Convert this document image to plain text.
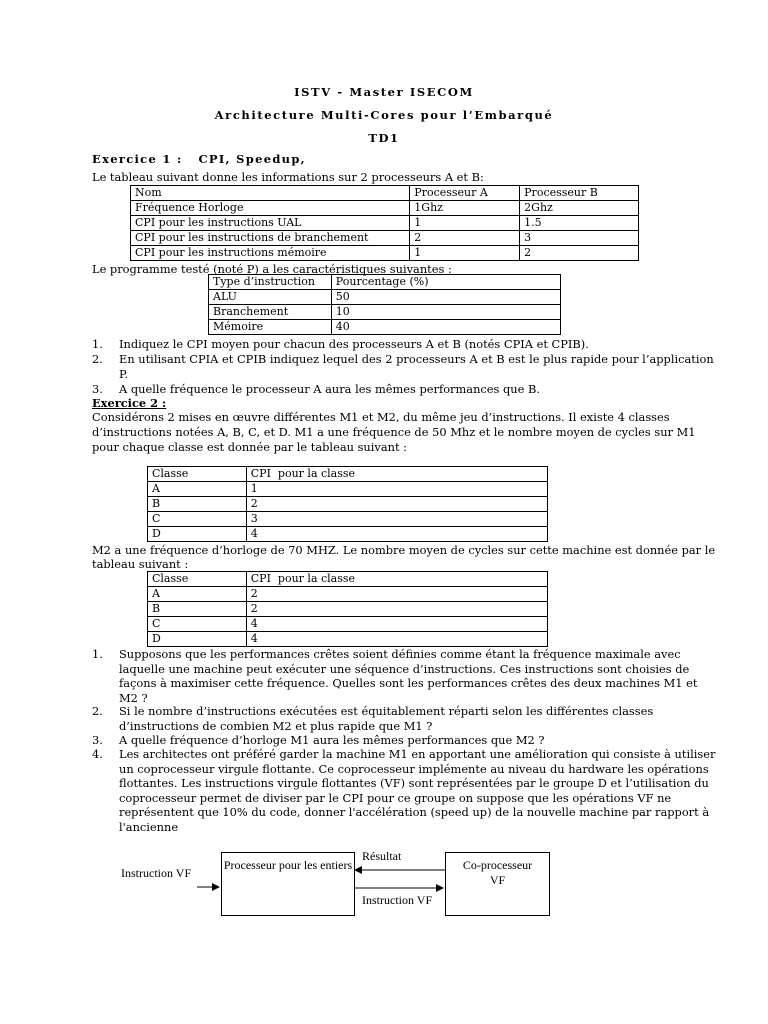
ISTV - Master ISECOM
Architecture Multi-Cores pour l’Embarqué
TD1
Exercice 1 :   CPI, Speedup,
Le tableau suivant donne les informations sur 2 processeurs A et B:
Nom	Processeur A	Processeur B
Fréquence Horloge	1Ghz	2Ghz
CPI pour les instructions UAL	1	1.5
CPI pour les instructions de branchement	2	3
CPI pour les instructions mémoire	1	2
Le programme testé (noté P) a les caractéristiques suivantes :
Type d’instruction	Pourcentage (%)
ALU	50
Branchement	10
Mémoire	40
1. Indiquez le CPI moyen pour chacun des processeurs A et B (notés CPIA et CPIB).
2. En utilisant CPIA et CPIB indiquez lequel des 2 processeurs A et B est le plus rapide pour l’application
P.
3. A quelle fréquence le processeur A aura les mêmes performances que B.
Exercice 2 :
Considérons 2 mises en œuvre différentes M1 et M2, du même jeu d’instructions. Il existe 4 classes
d’instructions notées A, B, C, et D. M1 a une fréquence de 50 Mhz et le nombre moyen de cycles sur M1
pour chaque classe est donnée par le tableau suivant :
Classe	CPI  pour la classe
A	1
B	2
C	3
D	4
M2 a une fréquence d’horloge de 70 MHZ. Le nombre moyen de cycles sur cette machine est donnée par le
tableau suivant :
Classe	CPI  pour la classe
A	2
B	2
C	4
D	4
1. Supposons que les performances crêtes soient définies comme étant la fréquence maximale avec
laquelle une machine peut exécuter une séquence d’instructions. Ces instructions sont choisies de
façons à maximiser cette fréquence. Quelles sont les performances crêtes des deux machines M1 et
M2 ?
2. Si le nombre d’instructions exécutées est équitablement réparti selon les différentes classes
d’instructions de combien M2 et plus rapide que M1 ?
3. A quelle fréquence d’horloge M1 aura les mêmes performances que M2 ?
4. Les architectes ont préféré garder la machine M1 en apportant une amélioration qui consiste à utiliser
un coprocesseur virgule flottante. Ce coprocesseur implémente au niveau du hardware les opérations
flottantes. Les instructions virgule flottantes (VF) sont représentées par le groupe D et l’utilisation du
coprocesseur permet de diviser par le CPI pour ce groupe on suppose que les opérations VF ne
représentent que 10% du code, donner l'accélération (speed up) de la nouvelle machine par rapport à
l'ancienne
Instruction VF
Processeur pour les entiers	Co-processeur VF
Résultat
Instruction VF
